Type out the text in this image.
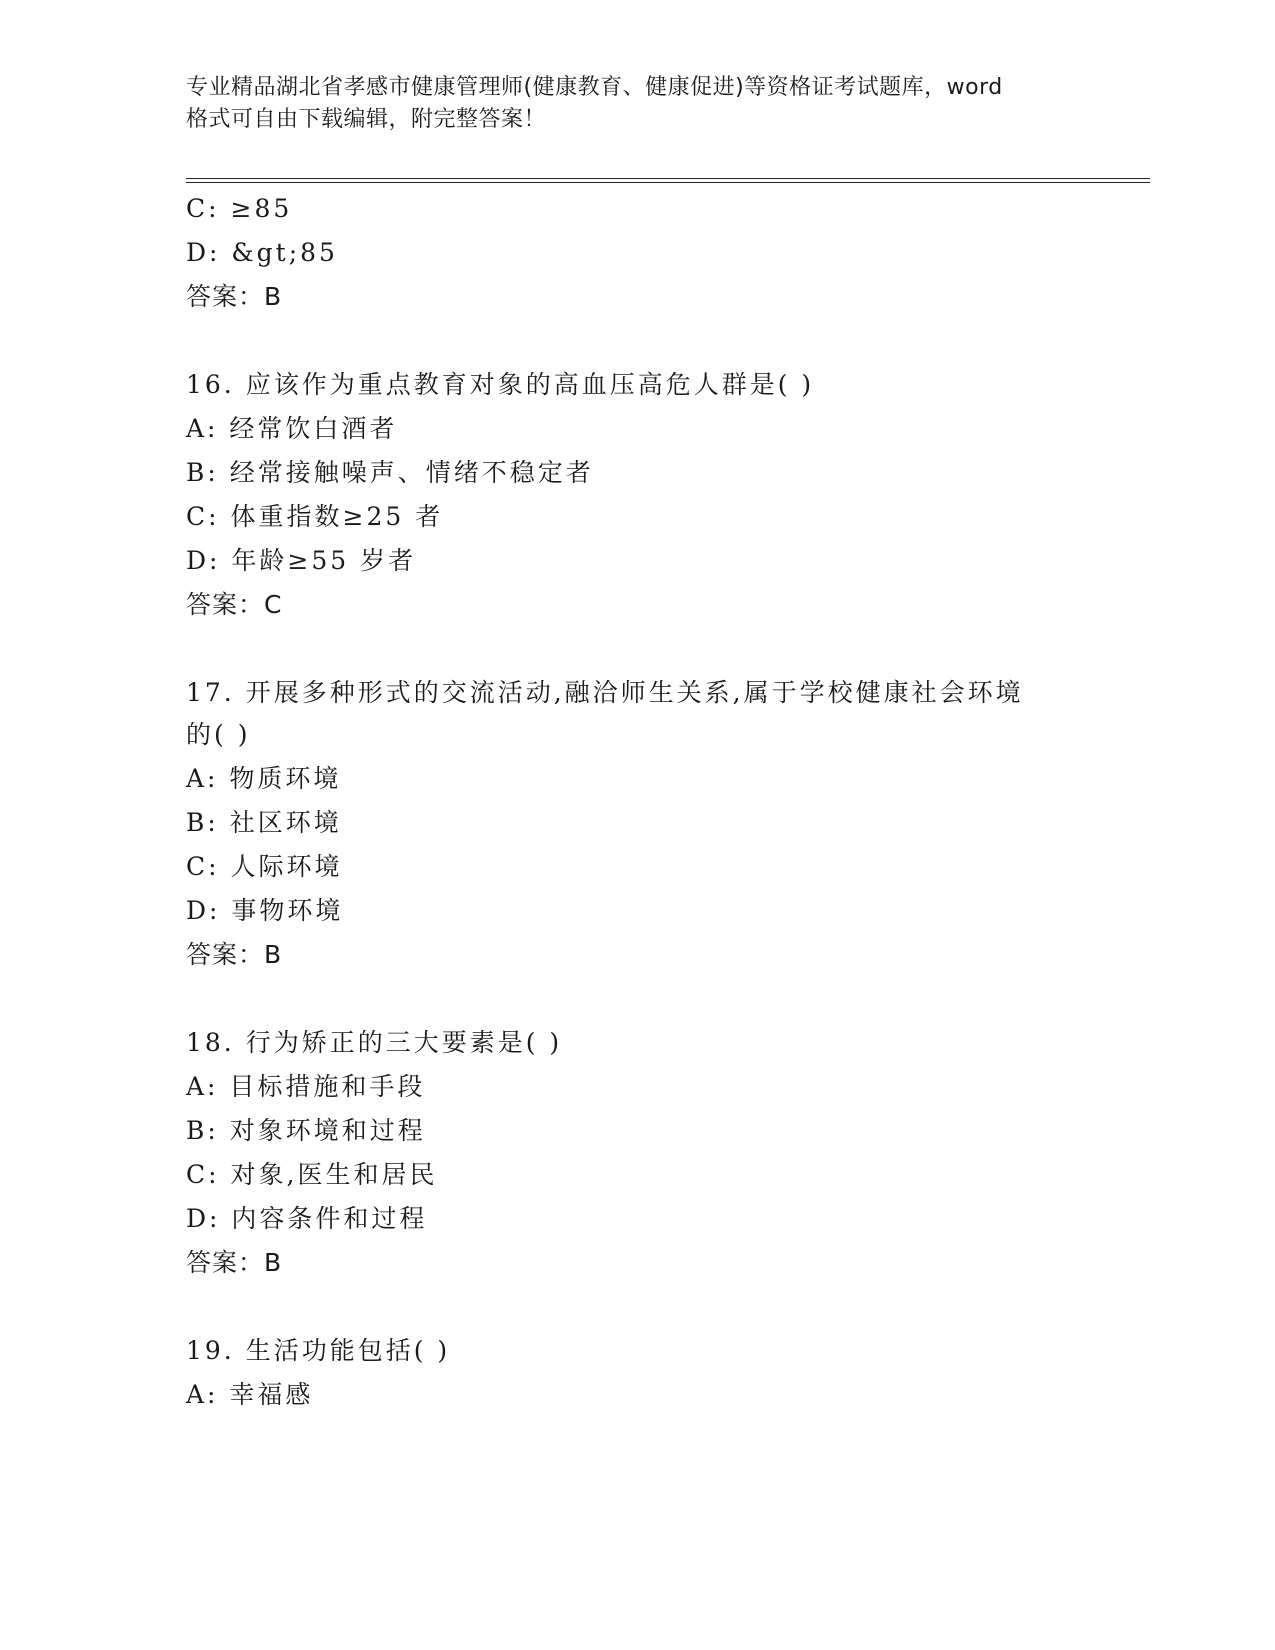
专业精品湖北省孝感市健康管理师(健康教育、健康促进)等资格证考试题库，word
格式可自由下载编辑，附完整答案！
C: ≥85
D: &gt;85
答案：B
16. 应该作为重点教育对象的高血压高危人群是( )
A: 经常饮白酒者
B: 经常接触噪声、情绪不稳定者
C: 体重指数≥25 者
D: 年龄≥55 岁者
答案：C
17. 开展多种形式的交流活动,融洽师生关系,属于学校健康社会环境
的( )
A: 物质环境
B: 社区环境
C: 人际环境
D: 事物环境
答案：B
18. 行为矫正的三大要素是( )
A: 目标措施和手段
B: 对象环境和过程
C: 对象,医生和居民
D: 内容条件和过程
答案：B
19. 生活功能包括( )
A: 幸福感
